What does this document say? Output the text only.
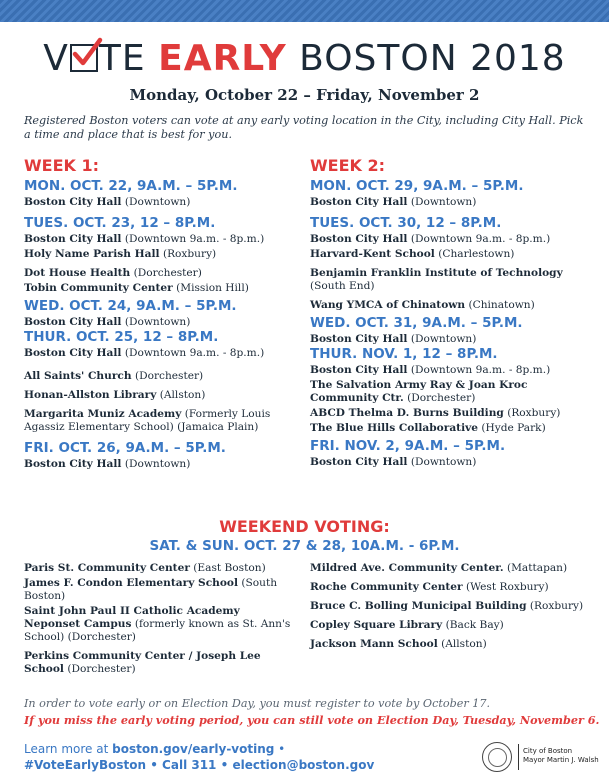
V TE EARLY BOSTON 2018
Monday, October 22 – Friday, November 2
Registered Boston voters can vote at any early voting location in the City, including City Hall. Pick a time and place that is best for you.
WEEK 1:
MON. OCT. 22, 9A.M. – 5P.M.
Boston City Hall (Downtown)
TUES. OCT. 23, 12 – 8P.M.
Boston City Hall (Downtown 9a.m. - 8p.m.)
Holy Name Parish Hall (Roxbury)
Dot House Health (Dorchester)
Tobin Community Center (Mission Hill)
WED. OCT. 24, 9A.M. – 5P.M.
Boston City Hall (Downtown)
THUR. OCT. 25, 12 – 8P.M.
Boston City Hall (Downtown 9a.m. - 8p.m.)
All Saints' Church (Dorchester)
Honan-Allston Library (Allston)
Margarita Muniz Academy (Formerly Louis Agassiz Elementary School) (Jamaica Plain)
FRI. OCT. 26, 9A.M. – 5P.M.
Boston City Hall (Downtown)
WEEK 2:
MON. OCT. 29, 9A.M. – 5P.M.
Boston City Hall (Downtown)
TUES. OCT. 30, 12 – 8P.M.
Boston City Hall (Downtown 9a.m. - 8p.m.)
Harvard-Kent School (Charlestown)
Benjamin Franklin Institute of Technology (South End)
Wang YMCA of Chinatown (Chinatown)
WED. OCT. 31, 9A.M. – 5P.M.
Boston City Hall (Downtown)
THUR. NOV. 1, 12 – 8P.M.
Boston City Hall (Downtown 9a.m. - 8p.m.)
The Salvation Army Ray & Joan Kroc Community Ctr. (Dorchester)
ABCD Thelma D. Burns Building (Roxbury)
The Blue Hills Collaborative (Hyde Park)
FRI. NOV. 2, 9A.M. – 5P.M.
Boston City Hall (Downtown)
WEEKEND VOTING:
SAT. & SUN. OCT. 27 & 28, 10A.M. - 6P.M.
Paris St. Community Center (East Boston)
James F. Condon Elementary School (South Boston)
Saint John Paul II Catholic Academy Neponset Campus (formerly known as St. Ann's School) (Dorchester)
Perkins Community Center / Joseph Lee School (Dorchester)
Mildred Ave. Community Center. (Mattapan)
Roche Community Center (West Roxbury)
Bruce C. Bolling Municipal Building (Roxbury)
Copley Square Library (Back Bay)
Jackson Mann School (Allston)
In order to vote early or on Election Day, you must register to vote by October 17.
If you miss the early voting period, you can still vote on Election Day, Tuesday, November 6.
Learn more at boston.gov/early-voting •
#VoteEarlyBoston • Call 311 • election@boston.gov
City of Boston
Mayor Martin J. Walsh
